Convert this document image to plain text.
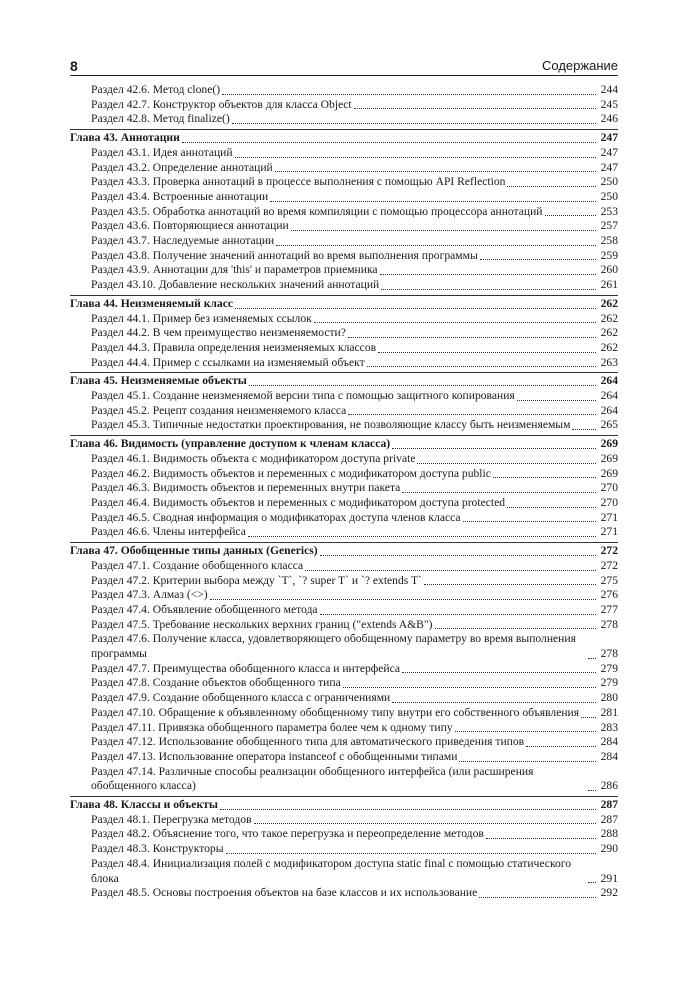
8	Содержание
Раздел 42.6. Метод clone()	244
Раздел 42.7. Конструктор объектов для класса Object	245
Раздел 42.8. Метод finalize()	246
Глава 43. Аннотации	247
Раздел 43.1. Идея аннотаций	247
Раздел 43.2. Определение аннотаций	247
Раздел 43.3. Проверка аннотаций в процессе выполнения с помощью API Reflection	250
Раздел 43.4. Встроенные аннотации	250
Раздел 43.5. Обработка аннотаций во время компиляции с помощью процессора аннотаций	253
Раздел 43.6. Повторяющиеся аннотации	257
Раздел 43.7. Наследуемые аннотации	258
Раздел 43.8. Получение значений аннотаций во время выполнения программы	259
Раздел 43.9. Аннотации для 'this' и параметров приемника	260
Раздел 43.10. Добавление нескольких значений аннотаций	261
Глава 44. Неизменяемый класс	262
Раздел 44.1. Пример без изменяемых ссылок	262
Раздел 44.2. В чем преимущество неизменяемости?	262
Раздел 44.3. Правила определения неизменяемых классов	262
Раздел 44.4. Пример с ссылками на изменяемый объект	263
Глава 45. Неизменяемые объекты	264
Раздел 45.1. Создание неизменяемой версии типа с помощью защитного копирования	264
Раздел 45.2. Рецепт создания неизменяемого класса	264
Раздел 45.3. Типичные недостатки проектирования, не позволяющие классу быть неизменяемым	265
Глава 46. Видимость (управление доступом к членам класса)	269
Раздел 46.1. Видимость объекта с модификатором доступа private	269
Раздел 46.2. Видимость объектов и переменных с модификатором доступа public	269
Раздел 46.3. Видимость объектов и переменных внутри пакета	270
Раздел 46.4. Видимость объектов и переменных с модификатором доступа protected	270
Раздел 46.5. Сводная информация о модификаторах доступа членов класса	271
Раздел 46.6. Члены интерфейса	271
Глава 47. Обобщенные типы данных (Generics)	272
Раздел 47.1. Создание обобщенного класса	272
Раздел 47.2. Критерии выбора между `T`, `? super T` и `? extends T`	275
Раздел 47.3. Алмаз (<>)	276
Раздел 47.4. Объявление обобщенного метода	277
Раздел 47.5. Требование нескольких верхних границ ("extends A&B")	278
Раздел 47.6. Получение класса, удовлетворяющего обобщенному параметру во время выполнения программы	278
Раздел 47.7. Преимущества обобщенного класса и интерфейса	279
Раздел 47.8. Создание объектов обобщенного типа	279
Раздел 47.9. Создание обобщенного класса с ограничениями	280
Раздел 47.10. Обращение к объявленному обобщенному типу внутри его собственного объявления 281
Раздел 47.11. Привязка обобщенного параметра более чем к одному типу	283
Раздел 47.12. Использование обобщенного типа для автоматического приведения типов	284
Раздел 47.13. Использование оператора instanceof с обобщенными типами	284
Раздел 47.14. Различные способы реализации обобщенного интерфейса (или расширения обобщенного класса)	286
Глава 48. Классы и объекты	287
Раздел 48.1. Перегрузка методов	287
Раздел 48.2. Объяснение того, что такое перегрузка и переопределение методов	288
Раздел 48.3. Конструкторы	290
Раздел 48.4. Инициализация полей с модификатором доступа static final с помощью статического блока	291
Раздел 48.5. Основы построения объектов на базе классов и их использование	292
